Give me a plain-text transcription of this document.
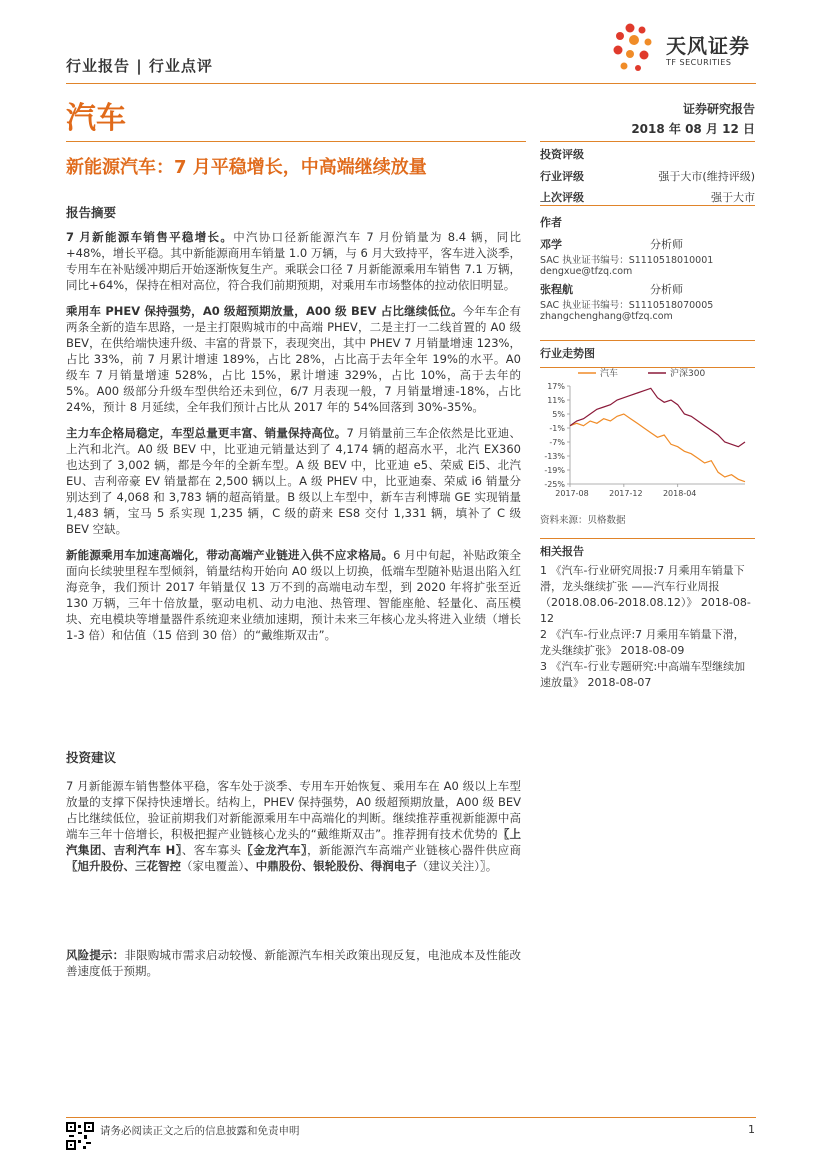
行业报告 | 行业点评
天风证券
TF SECURITIES
汽车	证券研究报告
2018 年 08 月 12 日
新能源汽车：7 月平稳增长，中高端继续放量
报告摘要
7 月新能源车销售平稳增长。中汽协口径新能源汽车 7 月份销量为 8.4 辆，同比+48%，增长平稳。其中新能源商用车销量 1.0 万辆，与 6 月大致持平，客车进入淡季，专用车在补贴缓冲期后开始逐渐恢复生产。乘联会口径 7 月新能源乘用车销售 7.1 万辆，同比+64%，保持在相对高位，符合我们前期预期，对乘用车市场整体的拉动依旧明显。
乘用车 PHEV 保持强势，A0 级超预期放量，A00 级 BEV 占比继续低位。今年车企有两条全新的造车思路，一是主打限购城市的中高端 PHEV，二是主打一二线首置的 A0 级 BEV，在供给端快速升级、丰富的背景下，表现突出，其中 PHEV 7 月销量增速 123%，占比 33%，前 7 月累计增速 189%，占比 28%，占比高于去年全年 19%的水平。A0 级车 7 月销量增速 528%，占比 15%，累计增速 329%，占比 10%，高于去年的 5%。A00 级部分升级车型供给还未到位，6/7 月表现一般，7 月销量增速-18%，占比 24%，预计 8 月延续，全年我们预计占比从 2017 年的 54%回落到 30%-35%。
主力车企格局稳定，车型总量更丰富、销量保持高位。7 月销量前三车企依然是比亚迪、上汽和北汽。A0 级 BEV 中，比亚迪元销量达到了 4,174 辆的超高水平，北汽 EX360 也达到了 3,002 辆，都是今年的全新车型。A 级 BEV 中，比亚迪 e5、荣威 Ei5、北汽 EU、吉利帝豪 EV 销量都在 2,500 辆以上。A 级 PHEV 中，比亚迪秦、荣威 i6 销量分别达到了 4,068 和 3,783 辆的超高销量。B 级以上车型中，新车吉利博瑞 GE 实现销量 1,483 辆，宝马 5 系实现 1,235 辆，C 级的蔚来 ES8 交付 1,331 辆，填补了 C 级 BEV 空缺。
新能源乘用车加速高端化，带动高端产业链进入供不应求格局。6 月中旬起，补贴政策全面向长续驶里程车型倾斜，销量结构开始向 A0 级以上切换，低端车型随补贴退出陷入红海竞争，我们预计 2017 年销量仅 13 万不到的高端电动车型，到 2020 年将扩张至近 130 万辆，三年十倍放量，驱动电机、动力电池、热管理、智能座舱、轻量化、高压模块、充电模块等增量器件系统迎来业绩加速期，预计未来三年核心龙头将进入业绩（增长 1-3 倍）和估值（15 倍到 30 倍）的“戴维斯双击”。
投资建议
7 月新能源车销售整体平稳，客车处于淡季、专用车开始恢复、乘用车在 A0 级以上车型放量的支撑下保持快速增长。结构上，PHEV 保持强势，A0 级超预期放量，A00 级 BEV 占比继续低位，验证前期我们对新能源乘用车中高端化的判断。继续推荐重视新能源中高端车三年十倍增长，积极把握产业链核心龙头的“戴维斯双击”。推荐拥有技术优势的〖上汽集团、吉利汽车 H〗、客车寡头〖金龙汽车〗，新能源汽车高端产业链核心器件供应商〖旭升股份、三花智控（家电覆盖）、中鼎股份、银轮股份、得润电子（建议关注）〗。
风险提示：非限购城市需求启动较慢、新能源汽车相关政策出现反复，电池成本及性能改善速度低于预期。
投资评级
行业评级	强于大市(维持评级)
上次评级	强于大市
作者
邓学	分析师
SAC 执业证书编号：S1110518010001
dengxue@tfzq.com
张程航	分析师
SAC 执业证书编号：S1110518070005
zhangchenghang@tfzq.com
行业走势图
17%
11%
5%
-1%
-7%
-13%
-19%
-25%
2017-08	2017-12	2018-04
汽车	沪深300
资料来源：贝格数据
相关报告
1 《汽车-行业研究周报:7 月乘用车销量下滑，龙头继续扩张 ——汽车行业周报（2018.08.06-2018.08.12）》 2018-08-12
2 《汽车-行业点评:7 月乘用车销量下滑，龙头继续扩张》 2018-08-09
3 《汽车-行业专题研究:中高端车型继续加速放量》 2018-08-07
请务必阅读正文之后的信息披露和免责申明	1
